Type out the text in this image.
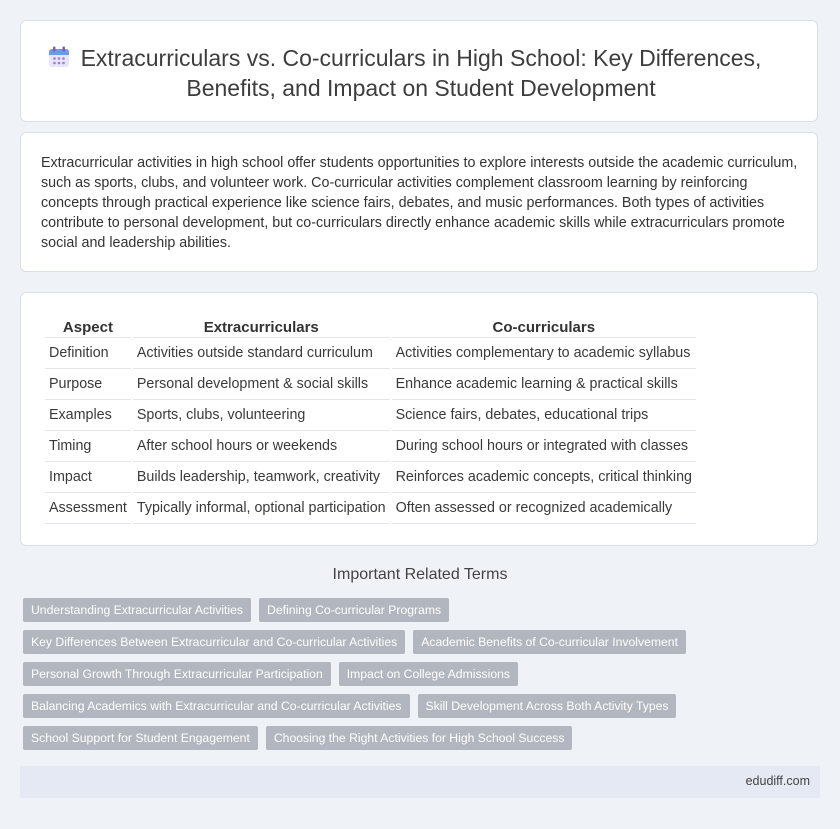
Extracurriculars vs. Co-curriculars in High School: Key Differences, Benefits, and Impact on Student Development
Extracurricular activities in high school offer students opportunities to explore interests outside the academic curriculum, such as sports, clubs, and volunteer work. Co-curricular activities complement classroom learning by reinforcing concepts through practical experience like science fairs, debates, and music performances. Both types of activities contribute to personal development, but co-curriculars directly enhance academic skills while extracurriculars promote social and leadership abilities.
Aspect	Extracurriculars	Co-curriculars
Definition	Activities outside standard curriculum	Activities complementary to academic syllabus
Purpose	Personal development & social skills	Enhance academic learning & practical skills
Examples	Sports, clubs, volunteering	Science fairs, debates, educational trips
Timing	After school hours or weekends	During school hours or integrated with classes
Impact	Builds leadership, teamwork, creativity	Reinforces academic concepts, critical thinking
Assessment	Typically informal, optional participation	Often assessed or recognized academically
Important Related Terms
Understanding Extracurricular Activities	Defining Co-curricular Programs
Key Differences Between Extracurricular and Co-curricular Activities	Academic Benefits of Co-curricular Involvement
Personal Growth Through Extracurricular Participation	Impact on College Admissions
Balancing Academics with Extracurricular and Co-curricular Activities	Skill Development Across Both Activity Types
School Support for Student Engagement	Choosing the Right Activities for High School Success
edudiff.com
